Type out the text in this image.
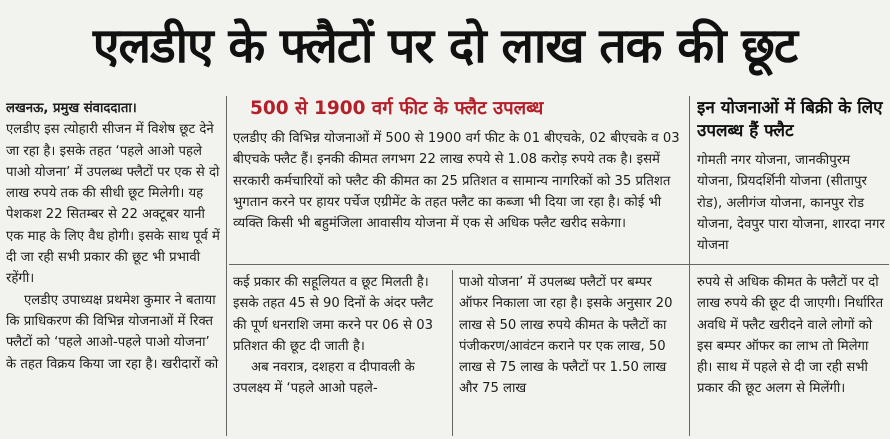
एलडीए के फ्लैटों पर दो लाख तक की छूट

लखनऊ, प्रमुख संवाददाता।

एलडीए इस त्योहारी सीजन में विशेष छूट देने जा रहा है। इसके तहत ‘पहले आओ पहले पाओ योजना’ में उपलब्ध फ्लैटों पर एक से दो लाख रुपये तक की सीधी छूट मिलेगी। यह पेशकश 22 सितम्बर से 22 अक्टूबर यानी एक माह के लिए वैध होगी। इसके साथ पूर्व में दी जा रही सभी प्रकार की छूट भी प्रभावी रहेंगी।

एलडीए उपाध्यक्ष प्रथमेश कुमार ने बताया कि प्राधिकरण की विभिन्न योजनाओं में रिक्त फ्लैटों को ‘पहले आओ-पहले पाओ योजना’ के तहत विक्रय किया जा रहा है। खरीदारों को

500 से 1900 वर्ग फीट के फ्लैट उपलब्ध
एलडीए की विभिन्न योजनाओं में 500 से 1900 वर्ग फीट के 01 बीएचके, 02 बीएचके व 03 बीएचके फ्लैट हैं। इनकी कीमत लगभग 22 लाख रुपये से 1.08 करोड़ रुपये तक है। इसमें सरकारी कर्मचारियों को फ्लैट की कीमत का 25 प्रतिशत व सामान्य नागरिकों को 35 प्रतिशत भुगतान करने पर हायर पर्चेज एग्रीमेंट के तहत फ्लैट का कब्जा भी दिया जा रहा है। कोई भी व्यक्ति किसी भी बहुमंजिला आवासीय योजना में एक से अधिक फ्लैट खरीद सकेगा।
इन योजनाओं में बिक्री के लिए उपलब्ध हैं फ्लैट
गोमती नगर योजना, जानकीपुरम योजना, प्रियदर्शिनी योजना (सीतापुर रोड), अलीगंज योजना, कानपुर रोड योजना, देवपुर पारा योजना, शारदा नगर योजना

कई प्रकार की सहूलियत व छूट मिलती है। इसके तहत 45 से 90 दिनों के अंदर फ्लैट की पूर्ण धनराशि जमा करने पर 06 से 03 प्रतिशत की छूट दी जाती है।

अब नवरात्र, दशहरा व दीपावली के उपलक्ष्य में ‘पहले आओ पहले-

पाओ योजना’ में उपलब्ध फ्लैटों पर बम्पर ऑफर निकाला जा रहा है। इसके अनुसार 20 लाख से 50 लाख रुपये कीमत के फ्लैटों का पंजीकरण/आवंटन कराने पर एक लाख, 50 लाख से 75 लाख के फ्लैटों पर 1.50 लाख और 75 लाख
रुपये से अधिक कीमत के फ्लैटों पर दो लाख रुपये की छूट दी जाएगी। निर्धारित अवधि में फ्लैट खरीदने वाले लोगों को इस बम्पर ऑफर का लाभ तो मिलेगा ही। साथ में पहले से दी जा रही सभी प्रकार की छूट अलग से मिलेंगी।
